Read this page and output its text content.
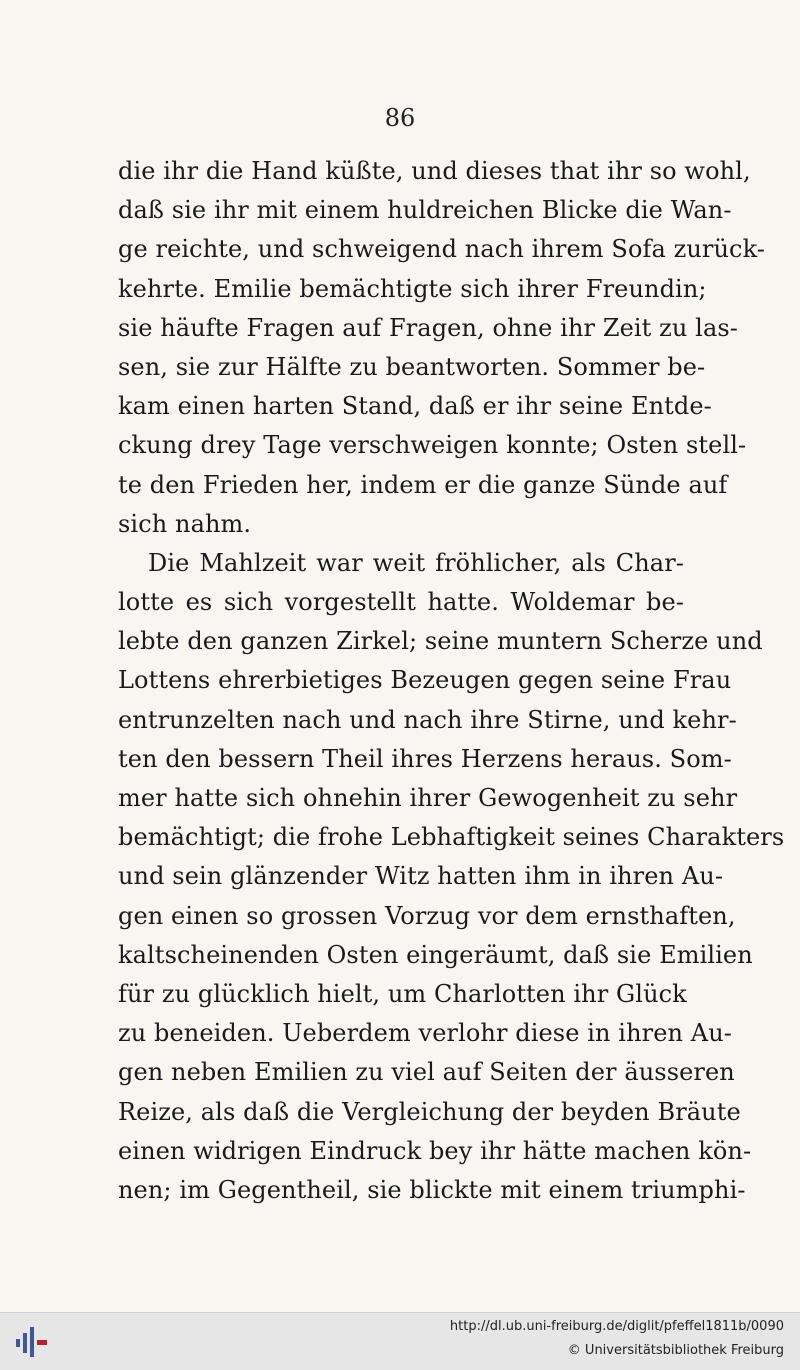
86
die ihr die Hand küßte, und dieses that ihr so wohl,
daß sie ihr mit einem huldreichen Blicke die Wan-
ge reichte, und schweigend nach ihrem Sofa zurück-
kehrte. Emilie bemächtigte sich ihrer Freundin;
sie häufte Fragen auf Fragen, ohne ihr Zeit zu las-
sen, sie zur Hälfte zu beantworten. Sommer be-
kam einen harten Stand, daß er ihr seine Entde-
ckung drey Tage verschweigen konnte; Osten stell-
te den Frieden her, indem er die ganze Sünde auf
sich nahm.
Die Mahlzeit war weit fröhlicher, als Char-
lotte es sich vorgestellt hatte. Woldemar be-
lebte den ganzen Zirkel; seine muntern Scherze und
Lottens ehrerbietiges Bezeugen gegen seine Frau
entrunzelten nach und nach ihre Stirne, und kehr-
ten den bessern Theil ihres Herzens heraus. Som-
mer hatte sich ohnehin ihrer Gewogenheit zu sehr
bemächtigt; die frohe Lebhaftigkeit seines Charakters
und sein glänzender Witz hatten ihm in ihren Au-
gen einen so grossen Vorzug vor dem ernsthaften,
kaltscheinenden Osten eingeräumt, daß sie Emilien
für zu glücklich hielt, um Charlotten ihr Glück
zu beneiden. Ueberdem verlohr diese in ihren Au-
gen neben Emilien zu viel auf Seiten der äusseren
Reize, als daß die Vergleichung der beyden Bräute
einen widrigen Eindruck bey ihr hätte machen kön-
nen; im Gegentheil, sie blickte mit einem triumphi-
http://dl.ub.uni-freiburg.de/diglit/pfeffel1811b/0090
© Universitätsbibliothek Freiburg
